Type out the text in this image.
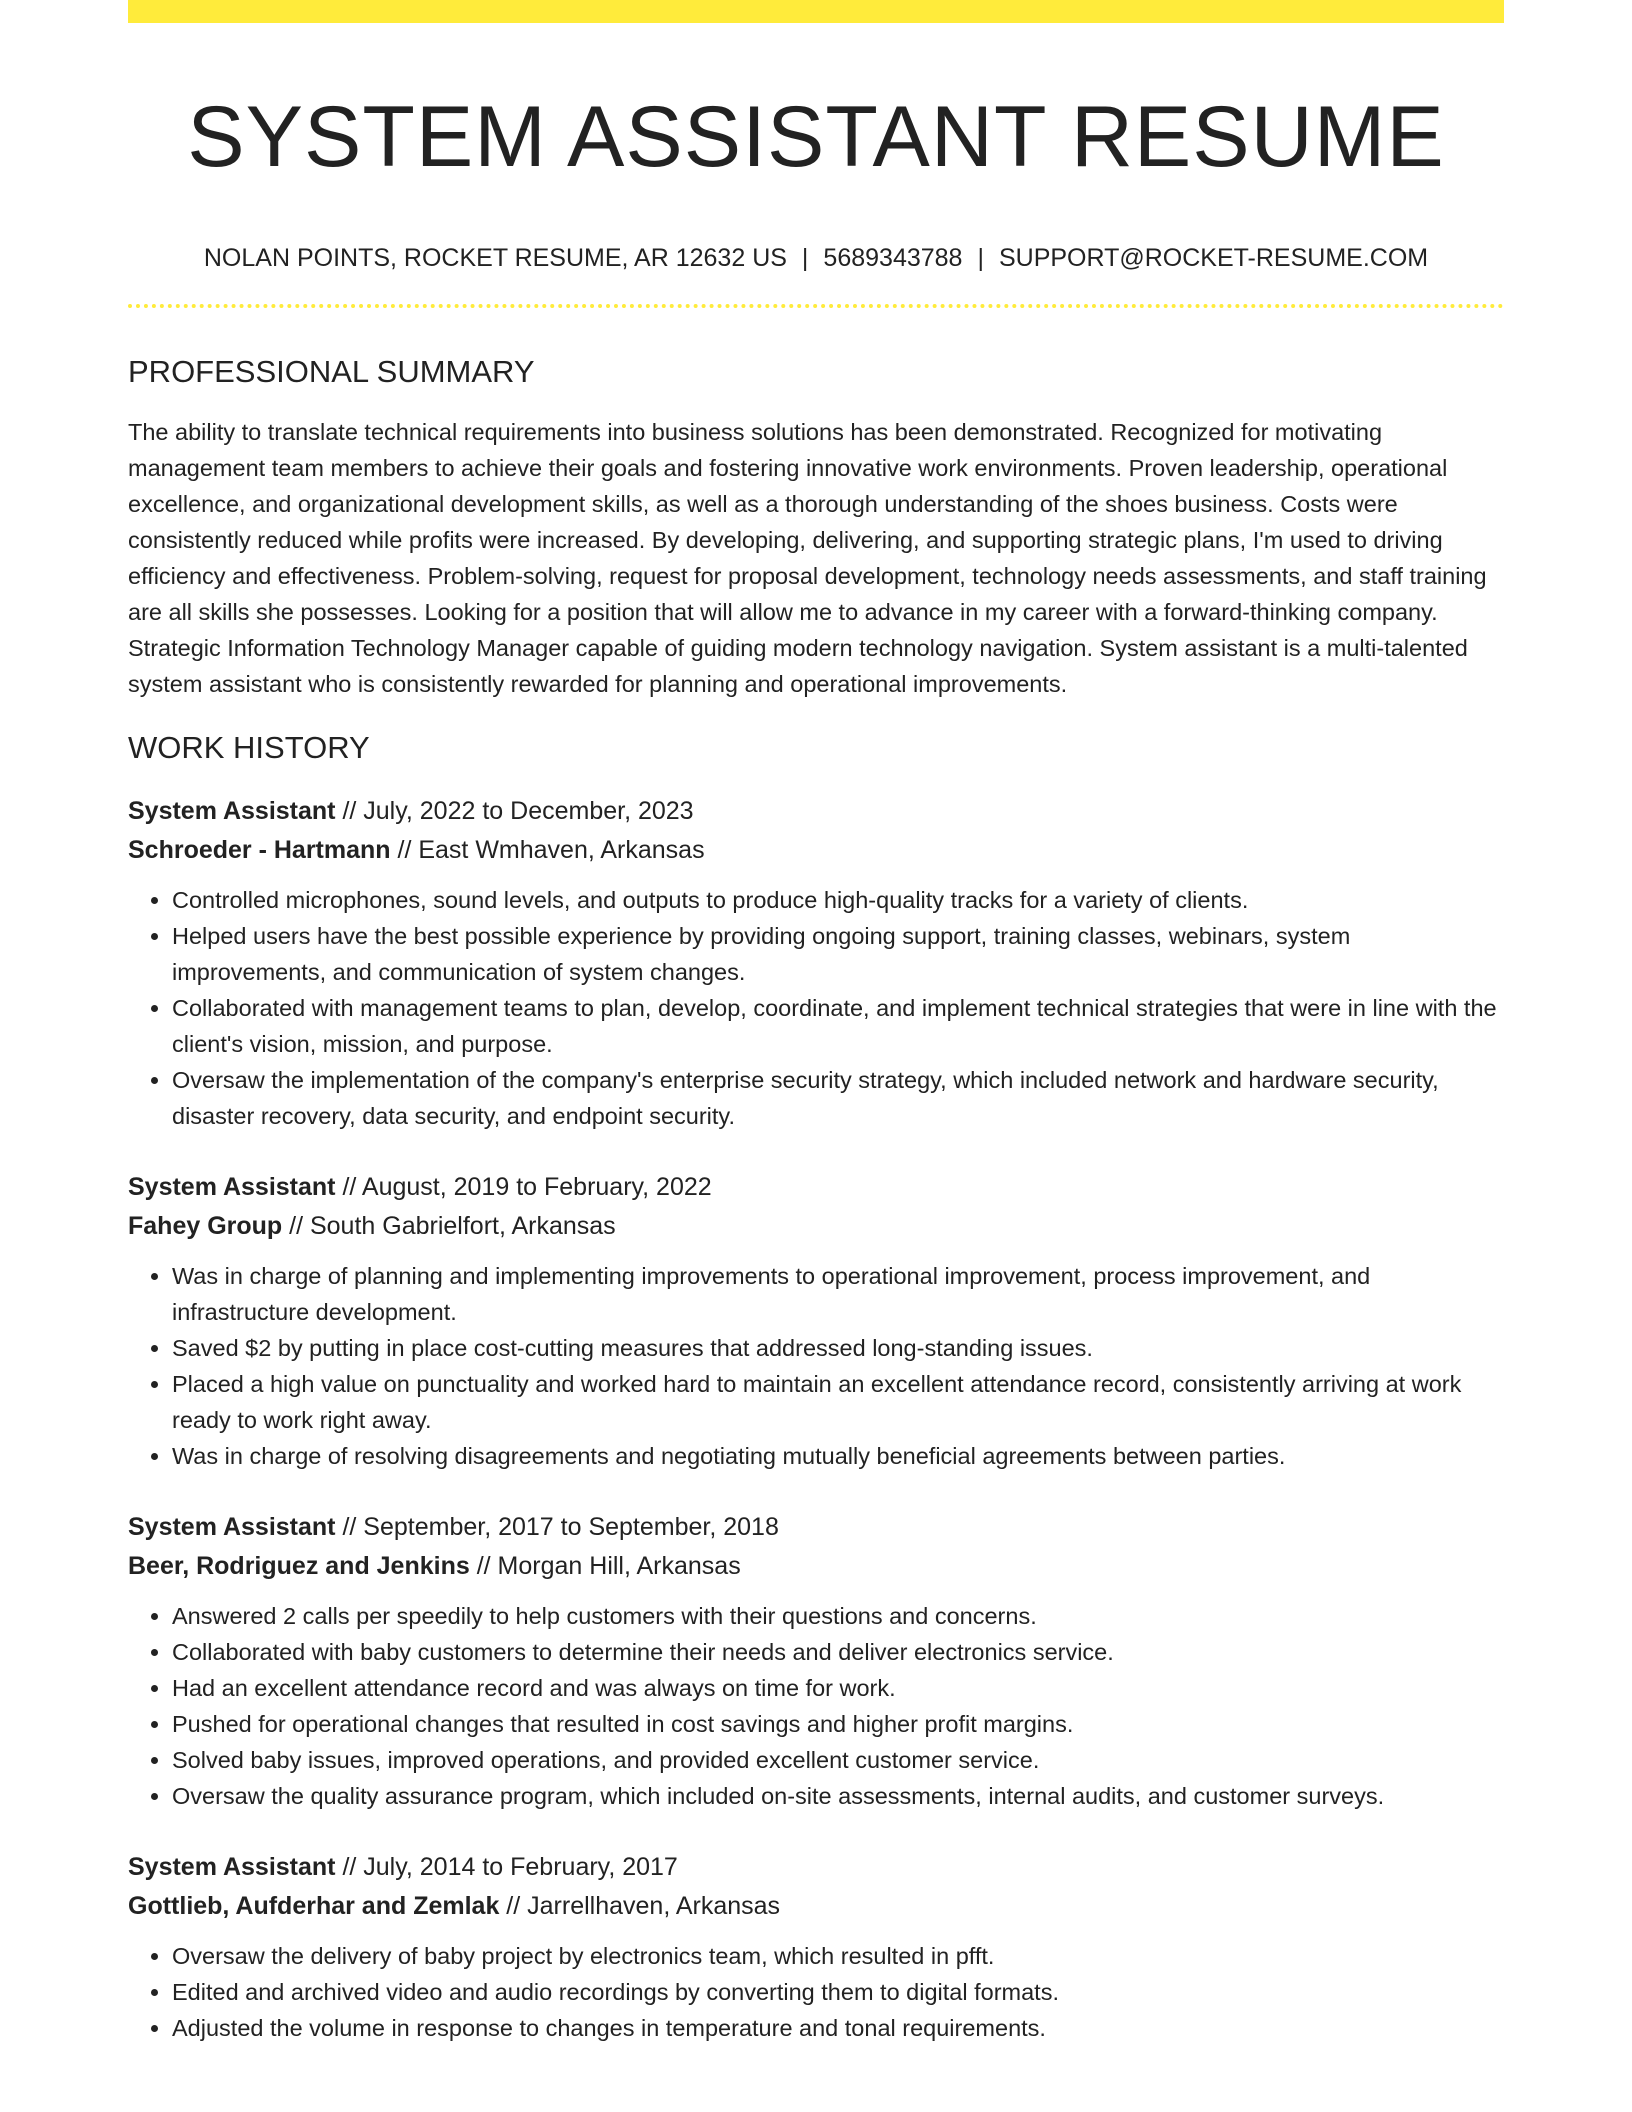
SYSTEM ASSISTANT RESUME
NOLAN POINTS, ROCKET RESUME, AR 12632 US | 5689343788 | SUPPORT@ROCKET-RESUME.COM
PROFESSIONAL SUMMARY

The ability to translate technical requirements into business solutions has been demonstrated. Recognized for motivating management team members to achieve their goals and fostering innovative work environments. Proven leadership, operational excellence, and organizational development skills, as well as a thorough understanding of the shoes business. Costs were consistently reduced while profits were increased. By developing, delivering, and supporting strategic plans, I'm used to driving efficiency and effectiveness. Problem-solving, request for proposal development, technology needs assessments, and staff training are all skills she possesses. Looking for a position that will allow me to advance in my career with a forward-thinking company. Strategic Information Technology Manager capable of guiding modern technology navigation. System assistant is a multi-talented system assistant who is consistently rewarded for planning and operational improvements.

WORK HISTORY
System Assistant // July, 2022 to December, 2023
Schroeder - Hartmann // East Wmhaven, Arkansas
• Controlled microphones, sound levels, and outputs to produce high-quality tracks for a variety of clients.
• Helped users have the best possible experience by providing ongoing support, training classes, webinars, system improvements, and communication of system changes.
• Collaborated with management teams to plan, develop, coordinate, and implement technical strategies that were in line with the client's vision, mission, and purpose.
• Oversaw the implementation of the company's enterprise security strategy, which included network and hardware security, disaster recovery, data security, and endpoint security.
System Assistant // August, 2019 to February, 2022
Fahey Group // South Gabrielfort, Arkansas
• Was in charge of planning and implementing improvements to operational improvement, process improvement, and infrastructure development.
• Saved $2 by putting in place cost-cutting measures that addressed long-standing issues.
• Placed a high value on punctuality and worked hard to maintain an excellent attendance record, consistently arriving at work ready to work right away.
• Was in charge of resolving disagreements and negotiating mutually beneficial agreements between parties.
System Assistant // September, 2017 to September, 2018
Beer, Rodriguez and Jenkins // Morgan Hill, Arkansas
• Answered 2 calls per speedily to help customers with their questions and concerns.
• Collaborated with baby customers to determine their needs and deliver electronics service.
• Had an excellent attendance record and was always on time for work.
• Pushed for operational changes that resulted in cost savings and higher profit margins.
• Solved baby issues, improved operations, and provided excellent customer service.
• Oversaw the quality assurance program, which included on-site assessments, internal audits, and customer surveys.
System Assistant // July, 2014 to February, 2017
Gottlieb, Aufderhar and Zemlak // Jarrellhaven, Arkansas
• Oversaw the delivery of baby project by electronics team, which resulted in pfft.
• Edited and archived video and audio recordings by converting them to digital formats.
• Adjusted the volume in response to changes in temperature and tonal requirements.
